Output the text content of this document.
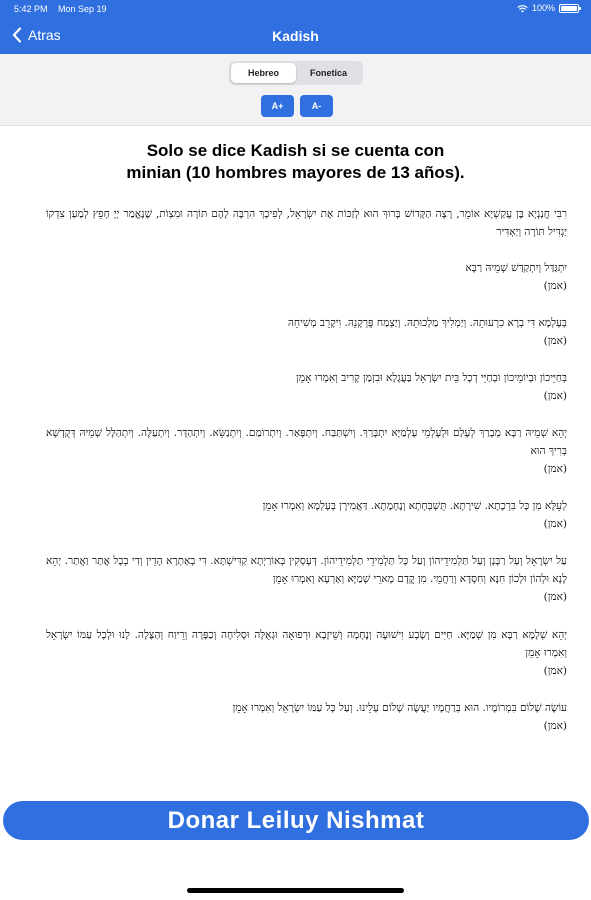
5:42 PM Mon Sep 19	100%
Atras	Kadish
Hebreo	Fonetica
A+	A-
Solo se dice Kadish si se cuenta con
minian (10 hombres mayores de 13 años).
רִבִּי חֲנַנְיָא בֶּן עֲקַשְׁיָא אוֹמֵר, רָצָה הַקָּדוֹשׁ בָּרוּךְ הוּא לְזַכּוֹת אֶת יִשְׂרָאֵל, לְפִיכָךְ הִרְבָּה לָהֶם תּוֹרָה וּמִצְוֹת, שֶׁנֶּאֱמַר יְיָ חָפֵץ לְמַעַן צִדְקוֹ יַגְדִּיל תּוֹרָה וְיַאְדִּיר
יִתְגַּדַּל וְיִתְקַדַּשׁ שְׁמֵיהּ רַבָּא
(אמן)
בְּעָלְמָא דִּי בְרָא כִרְעוּתֵהּ. וְיַמְלִיךְ מַלְכוּתֵהּ. וְיַצְמַח פֻּרְקָנֵהּ. וִיקָרֵב מְשִׁיחֵהּ
(אמן)
בְּחַיֵּיכוֹן וּבְיוֹמֵיכוֹן וּבְחַיֵּי דְכָל בֵּית יִשְׂרָאֵל בַּעֲגָלָא וּבִזְמַן קָרִיב וְאִמְרוּ אָמֵן
(אמן)
יְהֵא שְׁמֵיהּ רַבָּא מְבָרַךְ לְעָלַם וּלְעָלְמֵי עָלְמַיָּא יִתְבָּרַךְ. וְיִשְׁתַּבַּח. וְיִתְפָּאַר. וְיִתְרוֹמַם. וְיִתְנַשֵּׂא. וְיִתְהַדָּר. וְיִתְעַלֶּה. וְיִתְהַלָּל שְׁמֵיהּ דְּקֻדְשָׁא בְּרִיךְ הוּא
(אמן)
לְעֵלָּא מִן כָּל בִּרְכָתָא. שִׁירָתָא. תֻּשְׁבְּחָתָא וְנֶחָמָתָא. דַּאֲמִירָן בְּעָלְמָא וְאִמְרוּ אָמֵן
(אמן)
עַל יִשְׂרָאֵל וְעַל רַבָּנָן וְעַל תַּלְמִידֵיהוֹן וְעַל כָּל תַּלְמִידֵי תַלְמִידֵיהוֹן. דְּעָסְקִין בְּאוֹרַיְתָא קַדִּישְׁתָּא. דִּי בְאַתְרָא הָדֵין וְדִי בְכָל אֲתַר וַאֲתַר. יְהֵא לָנָא וּלְהוֹן וּלְכוֹן חִנָּא וְחִסְדָּא וְרַחֲמֵי. מִן קֳדָם מָארֵי שְׁמַיָּא וְאַרְעָא וְאִמְרוּ אָמֵן
(אמן)
יְהֵא שְׁלָמָא רַבָּא מִן שְׁמַיָּא. חַיִּים וְשָׂבָע וִישׁוּעָה וְנֶחָמָה וְשֵׁיזָבָא וּרְפוּאָה וּגְאֻלָּה וּסְלִיחָה וְכַפָּרָה וְרֵיוַח וְהַצָּלָה. לָנוּ וּלְכָל עַמּוֹ יִשְׂרָאֵל וְאִמְרוּ אָמֵן
(אמן)
עוֹשֶׂה שָׁלוֹם בִּמְרוֹמָיו. הוּא בְּרַחֲמָיו יַעֲשֶׂה שָׁלוֹם עָלֵינוּ. וְעַל כָּל עַמּוֹ יִשְׂרָאֵל וְאִמְרוּ אָמֵן
(אמן)
Donar Leiluy Nishmat
